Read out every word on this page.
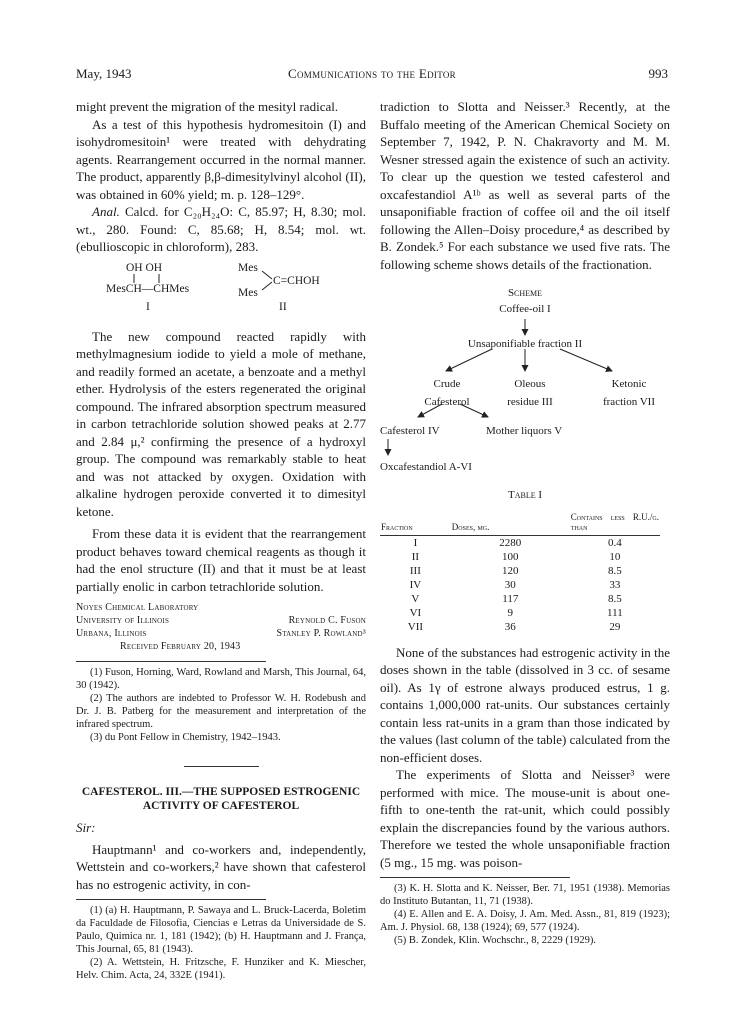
Communications to the Editor
May, 1943	993

might prevent the migration of the mesityl radical.

As a test of this hypothesis hydromesitoin (I) and isohydromesitoin¹ were treated with dehydrating agents. Rearrangement occurred in the normal manner. The product, apparently β,β-dimesitylvinyl alcohol (II), was obtained in 60% yield; m. p. 128–129°.

Anal. Calcd. for C₂₀H₂₄O: C, 85.97; H, 8.30; mol. wt., 280. Found: C, 85.68; H, 8.54; mol. wt. (ebullioscopic in chloroform), 283.

OH OH
MesCH—CHMes
I
Mes
Mes
C=CHOH
II

The new compound reacted rapidly with methylmagnesium iodide to yield a mole of methane, and readily formed an acetate, a benzoate and a methyl ether. Hydrolysis of the esters regenerated the original compound. The infrared absorption spectrum measured in carbon tetrachloride solution showed peaks at 2.77 and 2.84 μ,² confirming the presence of a hydroxyl group. The compound was remarkably stable to heat and was not attacked by oxygen. Oxidation with alkaline hydrogen peroxide converted it to dimesityl ketone.

From these data it is evident that the rearrangement product behaves toward chemical reagents as though it had the enol structure (II) and that it must be at least partially enolic in carbon tetrachloride solution.

Noyes Chemical Laboratory
University of Illinois	Reynold C. Fuson
Urbana, Illinois	Stanley P. Rowland³
Received February 20, 1943

(1) Fuson, Horning, Ward, Rowland and Marsh, This Journal, 64, 30 (1942).

(2) The authors are indebted to Professor W. H. Rodebush and Dr. J. B. Patberg for the measurement and interpretation of the infrared spectrum.

(3) du Pont Fellow in Chemistry, 1942–1943.

CAFESTEROL. III.—THE SUPPOSED ESTROGENIC ACTIVITY OF CAFESTEROL

Sir:

Hauptmann¹ and co-workers and, independently, Wettstein and co-workers,² have shown that cafesterol has no estrogenic activity, in con-

(1) (a) H. Hauptmann, P. Sawaya and L. Bruck-Lacerda, Boletim da Faculdade de Filosofia, Ciencias e Letras da Universidade de S. Paulo, Quimica nr. 1, 181 (1942); (b) H. Hauptmann and J. França, This Journal, 65, 81 (1943).

(2) A. Wettstein, H. Fritzsche, F. Hunziker and K. Miescher, Helv. Chim. Acta, 24, 332E (1941).

tradiction to Slotta and Neisser.³ Recently, at the Buffalo meeting of the American Chemical Society on September 7, 1942, P. N. Chakravorty and M. M. Wesner stressed again the existence of such an activity. To clear up the question we tested cafesterol and oxcafestandiol A¹ᵇ as well as several parts of the unsaponifiable fraction of coffee oil and the oil itself following the Allen–Doisy procedure,⁴ as described by B. Zondek.⁵ For each substance we used five rats. The following scheme shows details of the fractionation.

Scheme
Coffee-oil I
Unsaponifiable fraction II
Crude
Cafesterol
Oleous
residue III
Ketonic
fraction VII
Cafesterol IV	Mother liquors V
Oxcafestandiol A-VI
Table I
Fraction	Doses, mg.	Contains less R.U./g. than
I	2280	0.4
II	100	10
III	120	8.5
IV	30	33
V	117	8.5
VI	9	111
VII	36	29

None of the substances had estrogenic activity in the doses shown in the table (dissolved in 3 cc. of sesame oil). As 1γ of estrone always produced estrus, 1 g. contains 1,000,000 rat-units. Our substances certainly contain less rat-units in a gram than those indicated by the values (last column of the table) calculated from the non-efficient doses.

The experiments of Slotta and Neisser³ were performed with mice. The mouse-unit is about one-fifth to one-tenth the rat-unit, which could possibly explain the discrepancies found by the various authors. Therefore we tested the whole unsaponifiable fraction (5 mg., 15 mg. was poison-

(3) K. H. Slotta and K. Neisser, Ber. 71, 1951 (1938). Memorias do Instituto Butantan, 11, 71 (1938).

(4) E. Allen and E. A. Doisy, J. Am. Med. Assn., 81, 819 (1923); Am. J. Physiol. 68, 138 (1924); 69, 577 (1924).

(5) B. Zondek, Klin. Wochschr., 8, 2229 (1929).
